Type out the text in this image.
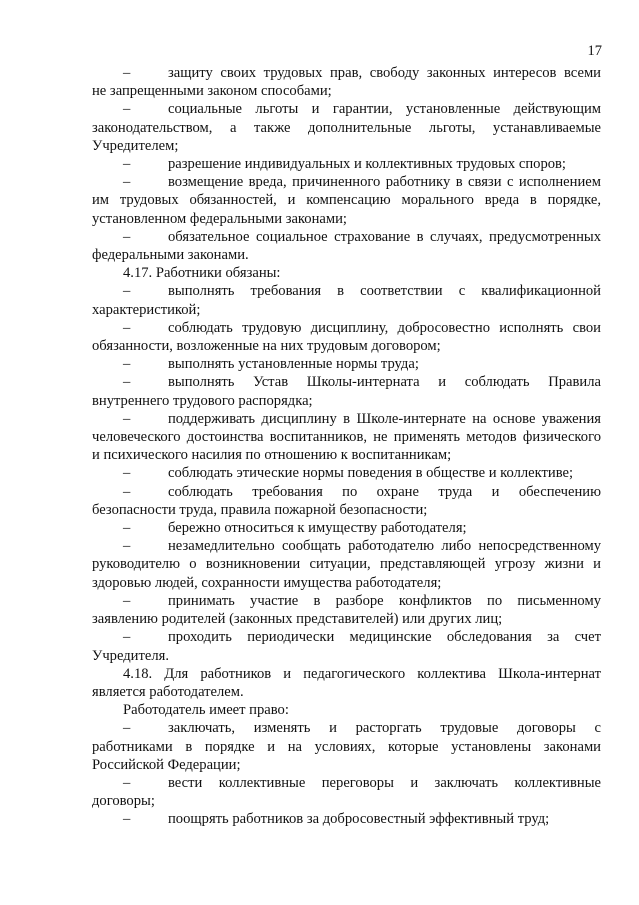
17
–	защиту своих трудовых прав, свободу законных интересов всеми
не запрещенными законом способами;
–	социальные льготы и гарантии, установленные действующим
законодательством, а также дополнительные льготы, устанавливаемые
Учредителем;
–	разрешение индивидуальных и коллективных трудовых споров;
–	возмещение вреда, причиненного работнику в связи с исполнением
им трудовых обязанностей, и компенсацию морального вреда в порядке,
установленном федеральными законами;
–	обязательное социальное страхование в случаях, предусмотренных
федеральными законами.
4.17. Работники обязаны:
–	выполнять требования в соответствии с квалификационной
характеристикой;
–	соблюдать трудовую дисциплину, добросовестно исполнять свои
обязанности, возложенные на них трудовым договором;
–	выполнять установленные нормы труда;
–	выполнять Устав Школы-интерната и соблюдать Правила
внутреннего трудового распорядка;
–	поддерживать дисциплину в Школе-интернате на основе уважения
человеческого достоинства воспитанников, не применять методов физического
и психического насилия по отношению к воспитанникам;
–	соблюдать этические нормы поведения в обществе и коллективе;
–	соблюдать требования по охране труда и обеспечению
безопасности труда, правила пожарной безопасности;
–	бережно относиться к имуществу работодателя;
–	незамедлительно сообщать работодателю либо непосредственному
руководителю о возникновении ситуации, представляющей угрозу жизни и
здоровью людей, сохранности имущества работодателя;
–	принимать участие в разборе конфликтов по письменному
заявлению родителей (законных представителей) или других лиц;
–	проходить периодически медицинские обследования за счет
Учредителя.
4.18. Для работников и педагогического коллектива Школа-интернат
является работодателем.
Работодатель имеет право:
–	заключать, изменять и расторгать трудовые договоры с
работниками в порядке и на условиях, которые установлены законами
Российской Федерации;
–	вести коллективные переговоры и заключать коллективные
договоры;
–	поощрять работников за добросовестный эффективный труд;
